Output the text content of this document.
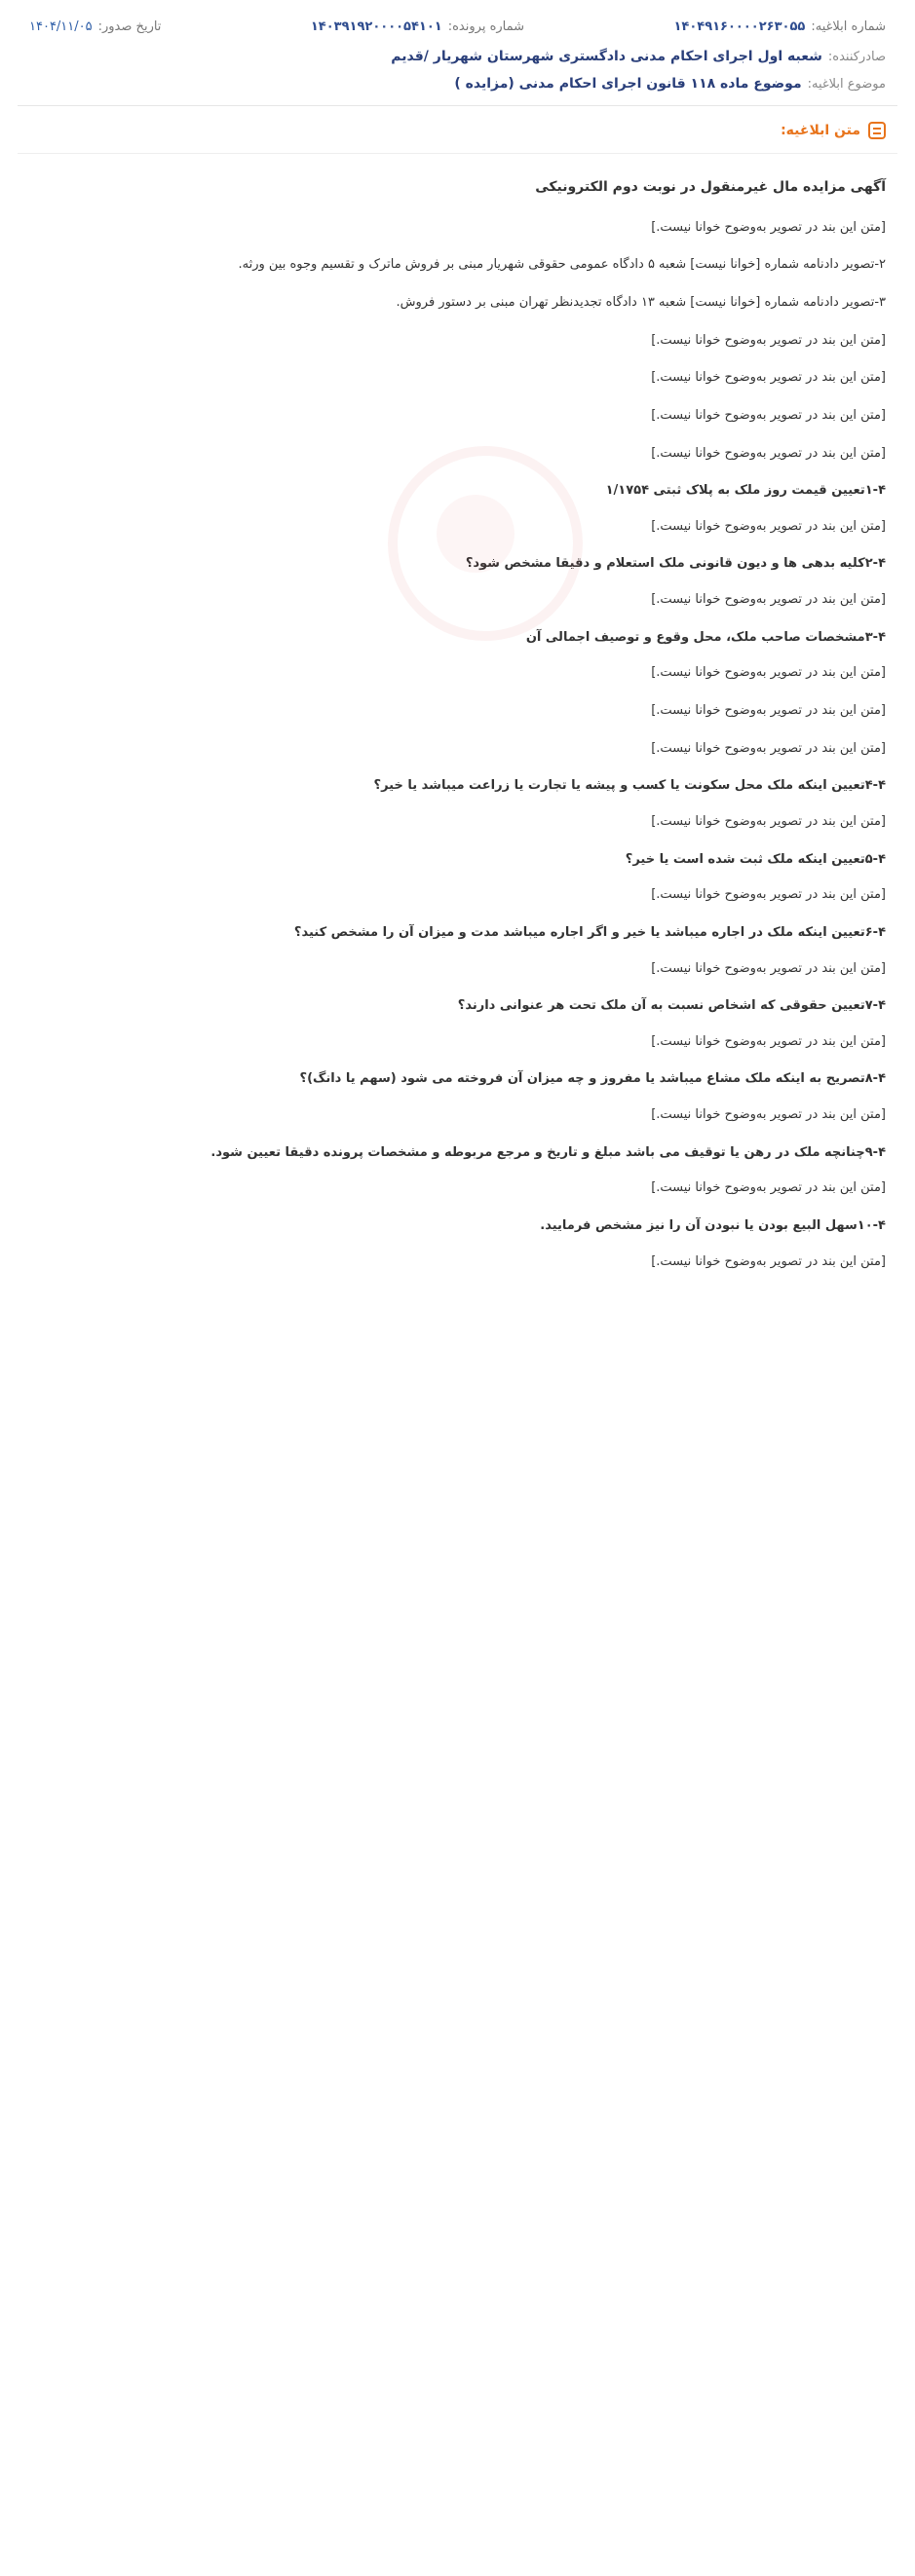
شماره ابلاغیه:
۱۴۰۴۹۱۶۰۰۰۰۲۶۳۰۵۵
شماره پرونده:
۱۴۰۳۹۱۹۲۰۰۰۰۵۴۱۰۱
تاریخ صدور:
۱۴۰۴/۱۱/۰۵
صادرکننده:
شعبه اول اجرای احکام مدنی دادگستری شهرستان شهریار /قدیم
موضوع ابلاغیه:
موضوع ماده ۱۱۸ قانون اجرای احکام مدنی (مزایده )
متن ابلاغیه:

آگهی مزایده مال غیرمنقول در نوبت دوم الکترونیکی

[متن این بند در تصویر به‌وضوح خوانا نیست.]

۲-تصویر دادنامه شماره [خوانا نیست] شعبه ۵ دادگاه عمومی حقوقی شهریار مبنی بر فروش ماترک و تقسیم وجوه بین ورثه.

۳-تصویر دادنامه شماره [خوانا نیست] شعبه ۱۳ دادگاه تجدیدنظر تهران مبنی بر دستور فروش.

[متن این بند در تصویر به‌وضوح خوانا نیست.]

[متن این بند در تصویر به‌وضوح خوانا نیست.]

[متن این بند در تصویر به‌وضوح خوانا نیست.]

[متن این بند در تصویر به‌وضوح خوانا نیست.]

۱-۴تعیین قیمت روز ملک به پلاک ثبتی ۱/۱۷۵۴

[متن این بند در تصویر به‌وضوح خوانا نیست.]

۲-۴کلیه بدهی ها و دیون قانونی ملک استعلام و دقیقا مشخص شود؟

[متن این بند در تصویر به‌وضوح خوانا نیست.]

۳-۴مشخصات صاحب ملک، محل وقوع و توصیف اجمالی آن

[متن این بند در تصویر به‌وضوح خوانا نیست.]

[متن این بند در تصویر به‌وضوح خوانا نیست.]

[متن این بند در تصویر به‌وضوح خوانا نیست.]

۴-۴تعیین اینکه ملک محل سکونت یا کسب و پیشه یا تجارت یا زراعت میباشد یا خیر؟

[متن این بند در تصویر به‌وضوح خوانا نیست.]

۵-۴تعیین اینکه ملک ثبت شده است یا خیر؟

[متن این بند در تصویر به‌وضوح خوانا نیست.]

۶-۴تعیین اینکه ملک در اجاره میباشد یا خیر و اگر اجاره میباشد مدت و میزان آن را مشخص کنید؟

[متن این بند در تصویر به‌وضوح خوانا نیست.]

۷-۴تعیین حقوقی که اشخاص نسبت به آن ملک تحت هر عنوانی دارند؟

[متن این بند در تصویر به‌وضوح خوانا نیست.]

۸-۴تصریح به اینکه ملک مشاع میباشد یا مفروز و چه میزان آن فروخته می شود (سهم یا دانگ)؟

[متن این بند در تصویر به‌وضوح خوانا نیست.]

۹-۴چنانچه ملک در رهن یا توقیف می باشد مبلغ و تاریخ و مرجع مربوطه و مشخصات پرونده دقیقا تعیین شود.

[متن این بند در تصویر به‌وضوح خوانا نیست.]

۱۰-۴سهل البیع بودن یا نبودن آن را نیز مشخص فرمایید.

[متن این بند در تصویر به‌وضوح خوانا نیست.]
